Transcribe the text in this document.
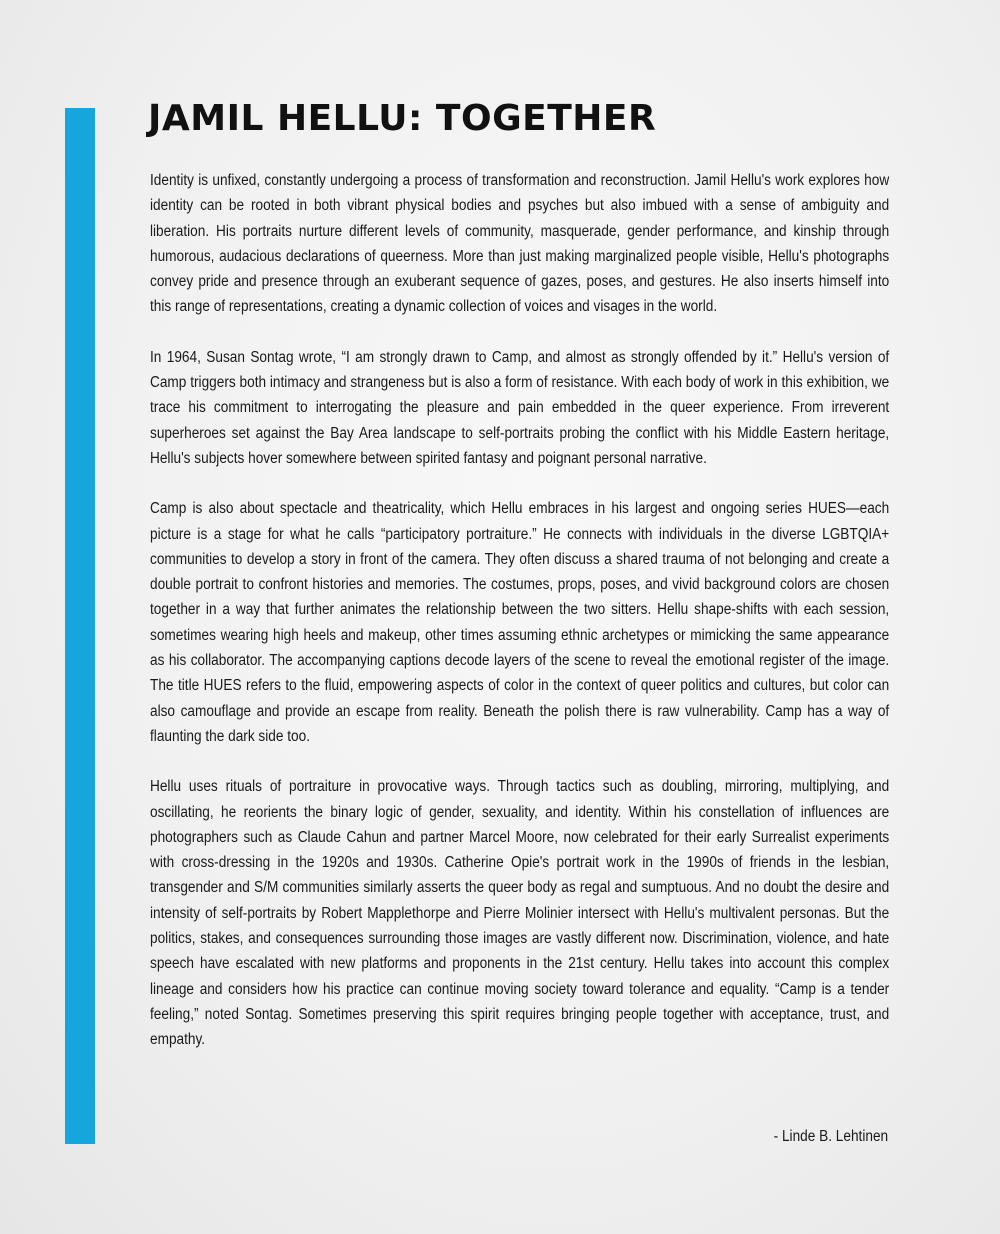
JAMIL HELLU: TOGETHER

Identity is unfixed, constantly undergoing a process of transformation and reconstruction. Jamil Hellu's work explores how identity can be rooted in both vibrant physical bodies and psyches but also imbued with a sense of ambiguity and liberation. His portraits nurture different levels of community, masquerade, gender performance, and kinship through humorous, audacious declarations of queerness. More than just making marginalized people visible, Hellu's photographs convey pride and presence through an exuberant sequence of gazes, poses, and gestures. He also inserts himself into this range of representations, creating a dynamic collection of voices and visages in the world.

In 1964, Susan Sontag wrote, “I am strongly drawn to Camp, and almost as strongly offended by it.” Hellu's version of Camp triggers both intimacy and strangeness but is also a form of resistance. With each body of work in this exhibition, we trace his commitment to interrogating the pleasure and pain embedded in the queer experience. From irreverent superheroes set against the Bay Area landscape to self-portraits probing the conflict with his Middle Eastern heritage, Hellu's subjects hover somewhere between spirited fantasy and poignant personal narrative.

Camp is also about spectacle and theatricality, which Hellu embraces in his largest and ongoing series HUES—each picture is a stage for what he calls “participatory portraiture.” He connects with individuals in the diverse LGBTQIA+ communities to develop a story in front of the camera. They often discuss a shared trauma of not belonging and create a double portrait to confront histories and memories. The costumes, props, poses, and vivid background colors are chosen together in a way that further animates the relationship between the two sitters. Hellu shape-shifts with each session, sometimes wearing high heels and makeup, other times assuming ethnic archetypes or mimicking the same appearance as his collaborator. The accompanying captions decode layers of the scene to reveal the emotional register of the image. The title HUES refers to the fluid, empowering aspects of color in the context of queer politics and cultures, but color can also camouflage and provide an escape from reality. Beneath the polish there is raw vulnerability. Camp has a way of flaunting the dark side too.

Hellu uses rituals of portraiture in provocative ways. Through tactics such as doubling, mirroring, multiplying, and oscillating, he reorients the binary logic of gender, sexuality, and identity. Within his constellation of influences are photographers such as Claude Cahun and partner Marcel Moore, now celebrated for their early Surrealist experiments with cross-dressing in the 1920s and 1930s. Catherine Opie's portrait work in the 1990s of friends in the lesbian, transgender and S/M communities similarly asserts the queer body as regal and sumptuous. And no doubt the desire and intensity of self-portraits by Robert Mapplethorpe and Pierre Molinier intersect with Hellu's multivalent personas. But the politics, stakes, and consequences surrounding those images are vastly different now. Discrimination, violence, and hate speech have escalated with new platforms and proponents in the 21st century. Hellu takes into account this complex lineage and considers how his practice can continue moving society toward tolerance and equality. “Camp is a tender feeling,” noted Sontag. Sometimes preserving this spirit requires bringing people together with acceptance, trust, and empathy.

- Linde B. Lehtinen
